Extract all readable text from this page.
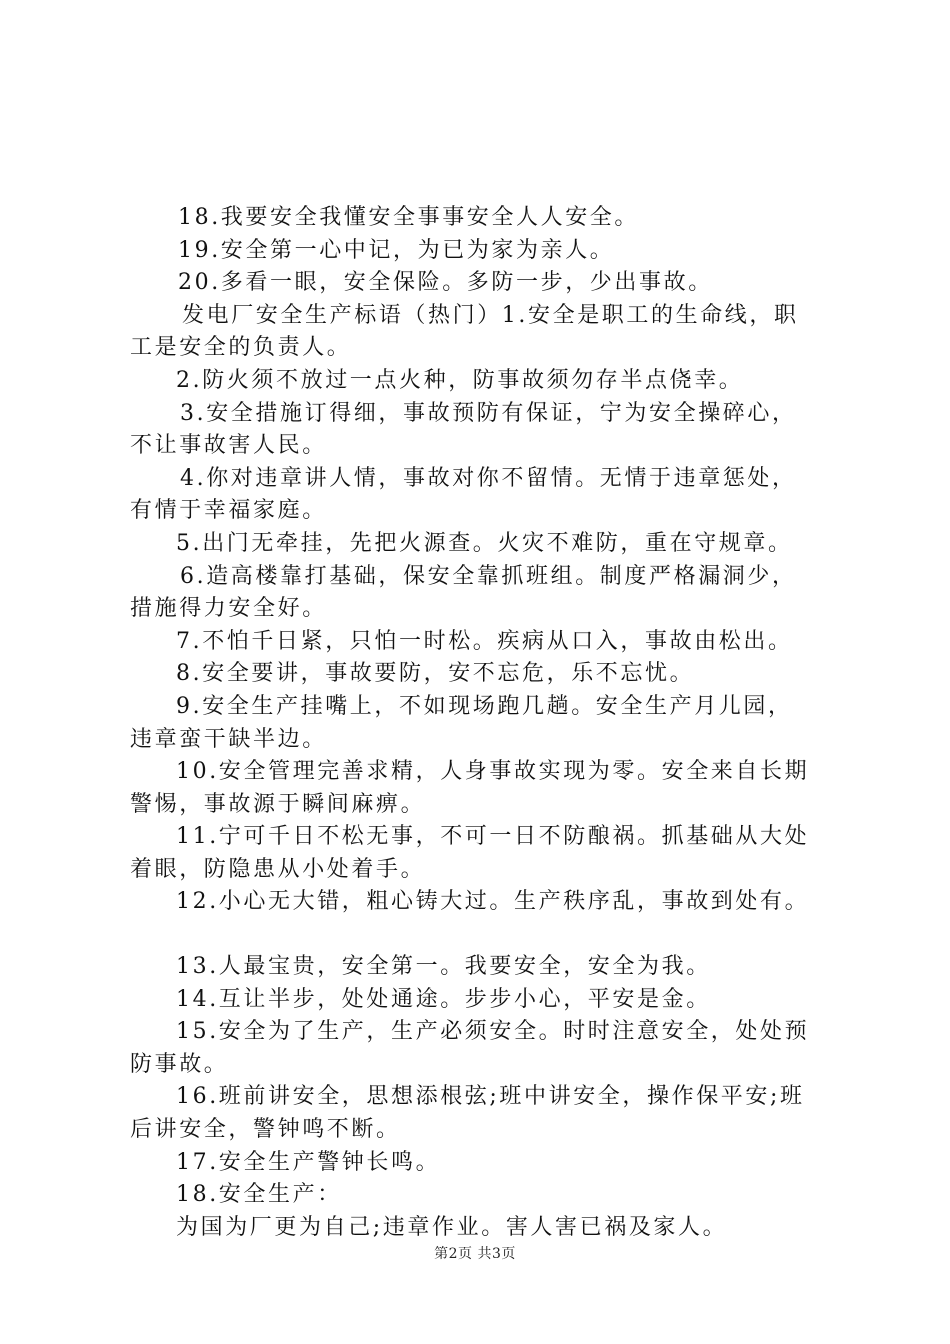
18.我要安全我懂安全事事安全人人安全。
19.安全第一心中记，为已为家为亲人。
20.多看一眼，安全保险。多防一步，少出事故。
发电厂安全生产标语（热门）1.安全是职工的生命线，职
工是安全的负责人。
2.防火须不放过一点火种，防事故须勿存半点侥幸。
3.安全措施订得细，事故预防有保证，宁为安全操碎心，
不让事故害人民。
4.你对违章讲人情，事故对你不留情。无情于违章惩处，
有情于幸福家庭。
5.出门无牵挂，先把火源查。火灾不难防，重在守规章。
6.造高楼靠打基础，保安全靠抓班组。制度严格漏洞少，
措施得力安全好。
7.不怕千日紧，只怕一时松。疾病从口入，事故由松出。
8.安全要讲，事故要防，安不忘危，乐不忘忧。
9.安全生产挂嘴上，不如现场跑几趟。安全生产月儿园，
违章蛮干缺半边。
10.安全管理完善求精，人身事故实现为零。安全来自长期
警惕，事故源于瞬间麻痹。
11.宁可千日不松无事，不可一日不防酿祸。抓基础从大处
着眼，防隐患从小处着手。
12.小心无大错，粗心铸大过。生产秩序乱，事故到处有。
13.人最宝贵，安全第一。我要安全，安全为我。
14.互让半步，处处通途。步步小心，平安是金。
15.安全为了生产，生产必须安全。时时注意安全，处处预
防事故。
16.班前讲安全，思想添根弦;班中讲安全，操作保平安;班
后讲安全，警钟鸣不断。
17.安全生产警钟长鸣。
18.安全生产：
为国为厂更为自己;违章作业。害人害已祸及家人。
第2页 共3页
